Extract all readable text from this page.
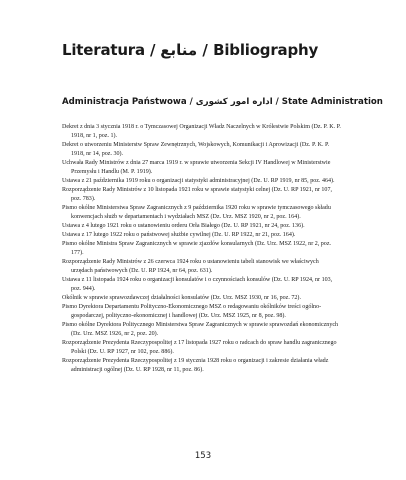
Literatura / منابع / Bibliography
Administracja Państwowa / اداره امور کشوری / State Administration

Dekret z dnia 3 stycznia 1918 r. o Tymczasowej Organizacji Władz Naczelnych w Królestwie Polskim (Dz. P. K. P. 1918, nr 1, poz. 1).

Dekret o utworzeniu Ministerstw Spraw Zewnętrznych, Wojskowych, Komunikacji i Aprowizacji (Dz. P. K. P. 1918, nr 14, poz. 30).

Uchwała Rady Ministrów z dnia 27 marca 1919 r. w sprawie utworzenia Sekcji IV Handlowej w Ministerstwie Przemysłu i Handlu (M. P. 1919).

Ustawa z 21 października 1919 roku o organizacji statystyki administracyjnej (Dz. U. RP 1919, nr 85, poz. 464).

Rozporządzenie Rady Ministrów z 10 listopada 1921 roku w sprawie statystyki celnej (Dz. U. RP 1921, nr 107, poz. 783).

Pismo okólne Ministerstwa Spraw Zagranicznych z 9 października 1920 roku w sprawie tymczasowego składu konwencjach służb w departamentach i wydziałach MSZ (Dz. Urz. MSZ 1920, nr 2, poz. 164).

Ustawa z 4 lutego 1921 roku o ustanowieniu orderu Orła Białego (Dz. U. RP 1921, nr 24, poz. 136).

Ustawa z 17 lutego 1922 roku o państwowej służbie cywilnej (Dz. U. RP 1922, nr 21, poz. 164).

Pismo okólne Ministra Spraw Zagranicznych w sprawie zjazdów konsularnych (Dz. Urz. MSZ 1922, nr 2, poz. 177).

Rozporządzenie Rady Ministrów z 26 czerwca 1924 roku o ustanowieniu tabeli stanowisk we właściwych urzędach państwowych (Dz. U. RP 1924, nr 64, poz. 631).

Ustawa z 11 listopada 1924 roku o organizacji konsulatów i o czynnościach konsulów (Dz. U. RP 1924, nr 103, poz. 944).

Okólnik w sprawie sprawozdawczej działalności konsulatów (Dz. Urz. MSZ 1930, nr 16, poz. 72).

Pismo Dyrektora Departamentu Polityczno-Ekonomicznego MSZ o redagowaniu okólników treści ogólno-gospodarczej, polityczno-ekonomicznej i handlowej (Dz. Urz. MSZ 1925, nr 8, poz. 98).

Pismo okólne Dyrektora Politycznego Ministerstwa Spraw Zagranicznych w sprawie sprawozdań ekonomicznych (Dz. Urz. MSZ 1926, nr 2, poz. 20).

Rozporządzenie Prezydenta Rzeczypospolitej z 17 listopada 1927 roku o radcach do spraw handlu zagranicznego Polski (Dz. U. RP 1927, nr 102, poz. 886).

Rozporządzenie Prezydenta Rzeczypospolitej z 19 stycznia 1928 roku o organizacji i zakresie działania władz administracji ogólnej (Dz. U. RP 1928, nr 11, poz. 86).

153
